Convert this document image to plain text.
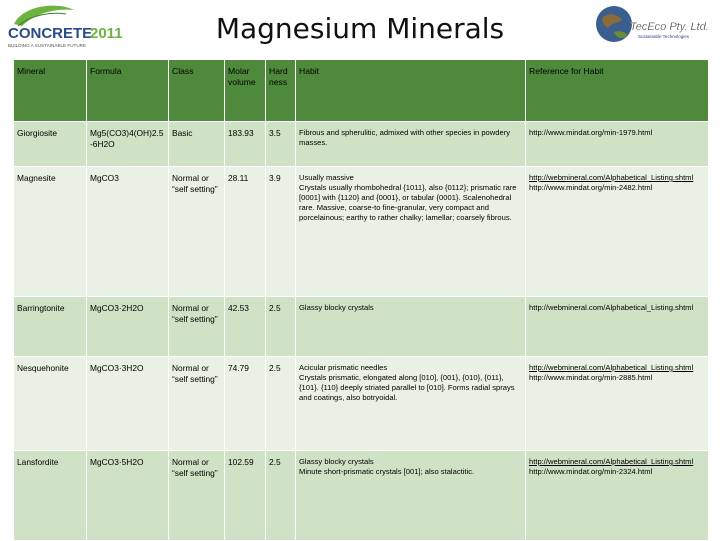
CONCRETE
2011
BUILDING A SUSTAINABLE FUTURE
Magnesium Minerals	TecEco Pty. Ltd.
Sustainable Technologies
Mineral	Formula	Class	Molar volume	Hard ness	Habit	Reference for Habit
Giorgiosite	Mg5(CO3)4(OH)2.5-6H2O	Basic	183.93	3.5	Fibrous and spherulitic, admixed with other species in powdery masses.	http://www.mindat.org/min-1979.html

Magnesite	MgCO3	Normal or “self setting”	28.11	3.9	Usually massive
Crystals usually rhombohedral {1011}, also {0112}; prismatic rare [0001] with {1120} and {0001}, or tabular {0001}. Scalenohedral rare. Massive, coarse-to fine-granular, very compact and porcelainous; earthy to rather chalky; lamellar; coarsely fibrous.	http://webmineral.com/Alphabetical_Listing.shtml
http://www.mindat.org/min-2482.html

Barringtonite	MgCO3·2H2O	Normal or “self setting”	42.53	2.5	Glassy blocky crystals	http://webmineral.com/Alphabetical_Listing.shtml

Nesquehonite	MgCO3·3H2O	Normal or “self setting”	74.79	2.5	Acicular prismatic needles
Crystals prismatic, elongated along [010], {001}, {010}, {011}, {101}. {110} deeply striated parallel to [010]. Forms radial sprays and coatings, also botryoidal.	http://webmineral.com/Alphabetical_Listing.shtml
http://www.mindat.org/min-2885.html

Lansfordite	MgCO3·5H2O	Normal or “self setting”	102.59	2.5	Glassy blocky crystals
Minute short-prismatic crystals [001]; also stalactitic.	http://webmineral.com/Alphabetical_Listing.shtml
http://www.mindat.org/min-2324.html
